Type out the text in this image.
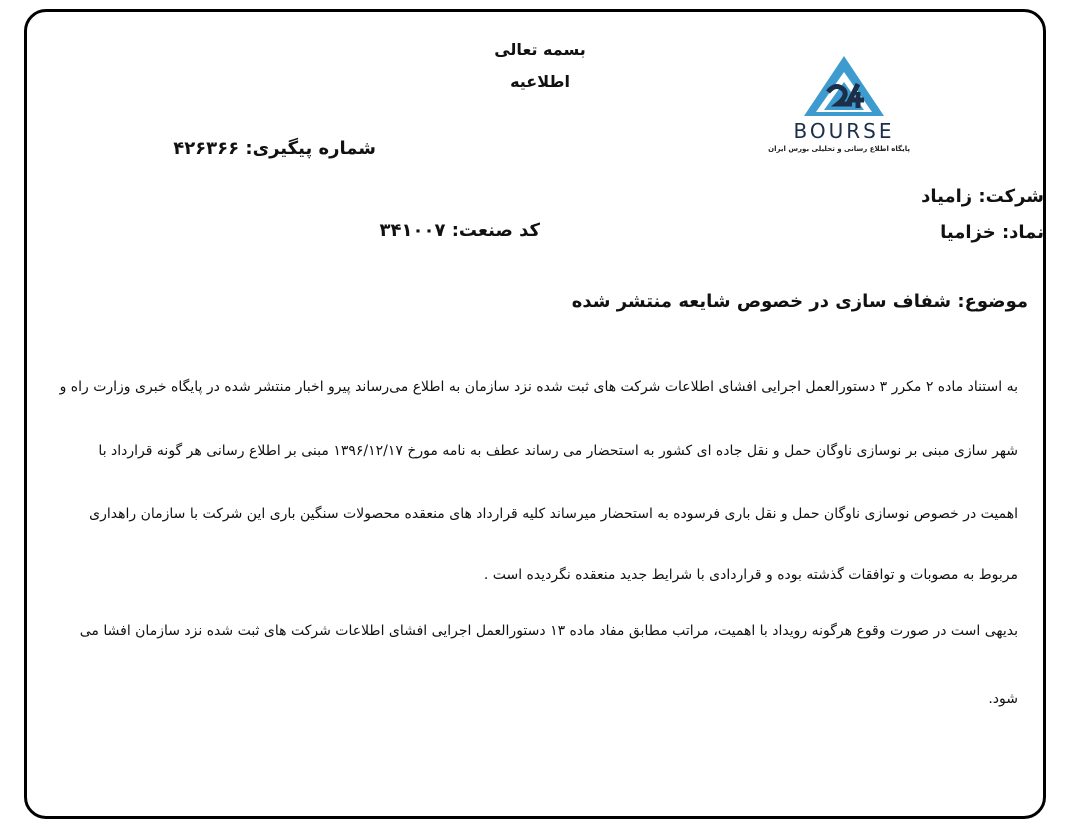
بسمه تعالی
اطلاعیه
BOURSE
پایگاه اطلاع رسانی و تحلیلی بورس ایران
شماره پیگیری: ۴۲۶۳۶۶
شرکت: زامیاد
نماد: خزامیا
کد صنعت: ۳۴۱۰۰۷
موضوع: شفاف سازی در خصوص شایعه منتشر شده
به استناد ماده ۲ مکرر ۳ دستورالعمل اجرایی افشای اطلاعات شرکت های ثبت شده نزد سازمان به اطلاع می‌رساند پیرو اخبار منتشر شده در پایگاه خبری وزارت راه و
شهر سازی مبنی بر نوسازی ناوگان حمل و نقل جاده ای کشور به استحضار می رساند عطف به نامه مورخ ۱۳۹۶/۱۲/۱۷ مبنی بر اطلاع رسانی هر گونه قرارداد با
اهمیت در خصوص نوسازی ناوگان حمل و نقل باری فرسوده به استحضار میرساند کلیه قرارداد های منعقده محصولات سنگین باری این شرکت با سازمان راهداری
مربوط به مصوبات و توافقات گذشته بوده و قراردادی با شرایط جدید منعقده نگردیده است .
بدیهی است در صورت وقوع هرگونه رویداد با اهمیت، مراتب مطابق مفاد ماده ۱۳ دستورالعمل اجرایی افشای اطلاعات شرکت های ثبت شده نزد سازمان افشا می
شود.
